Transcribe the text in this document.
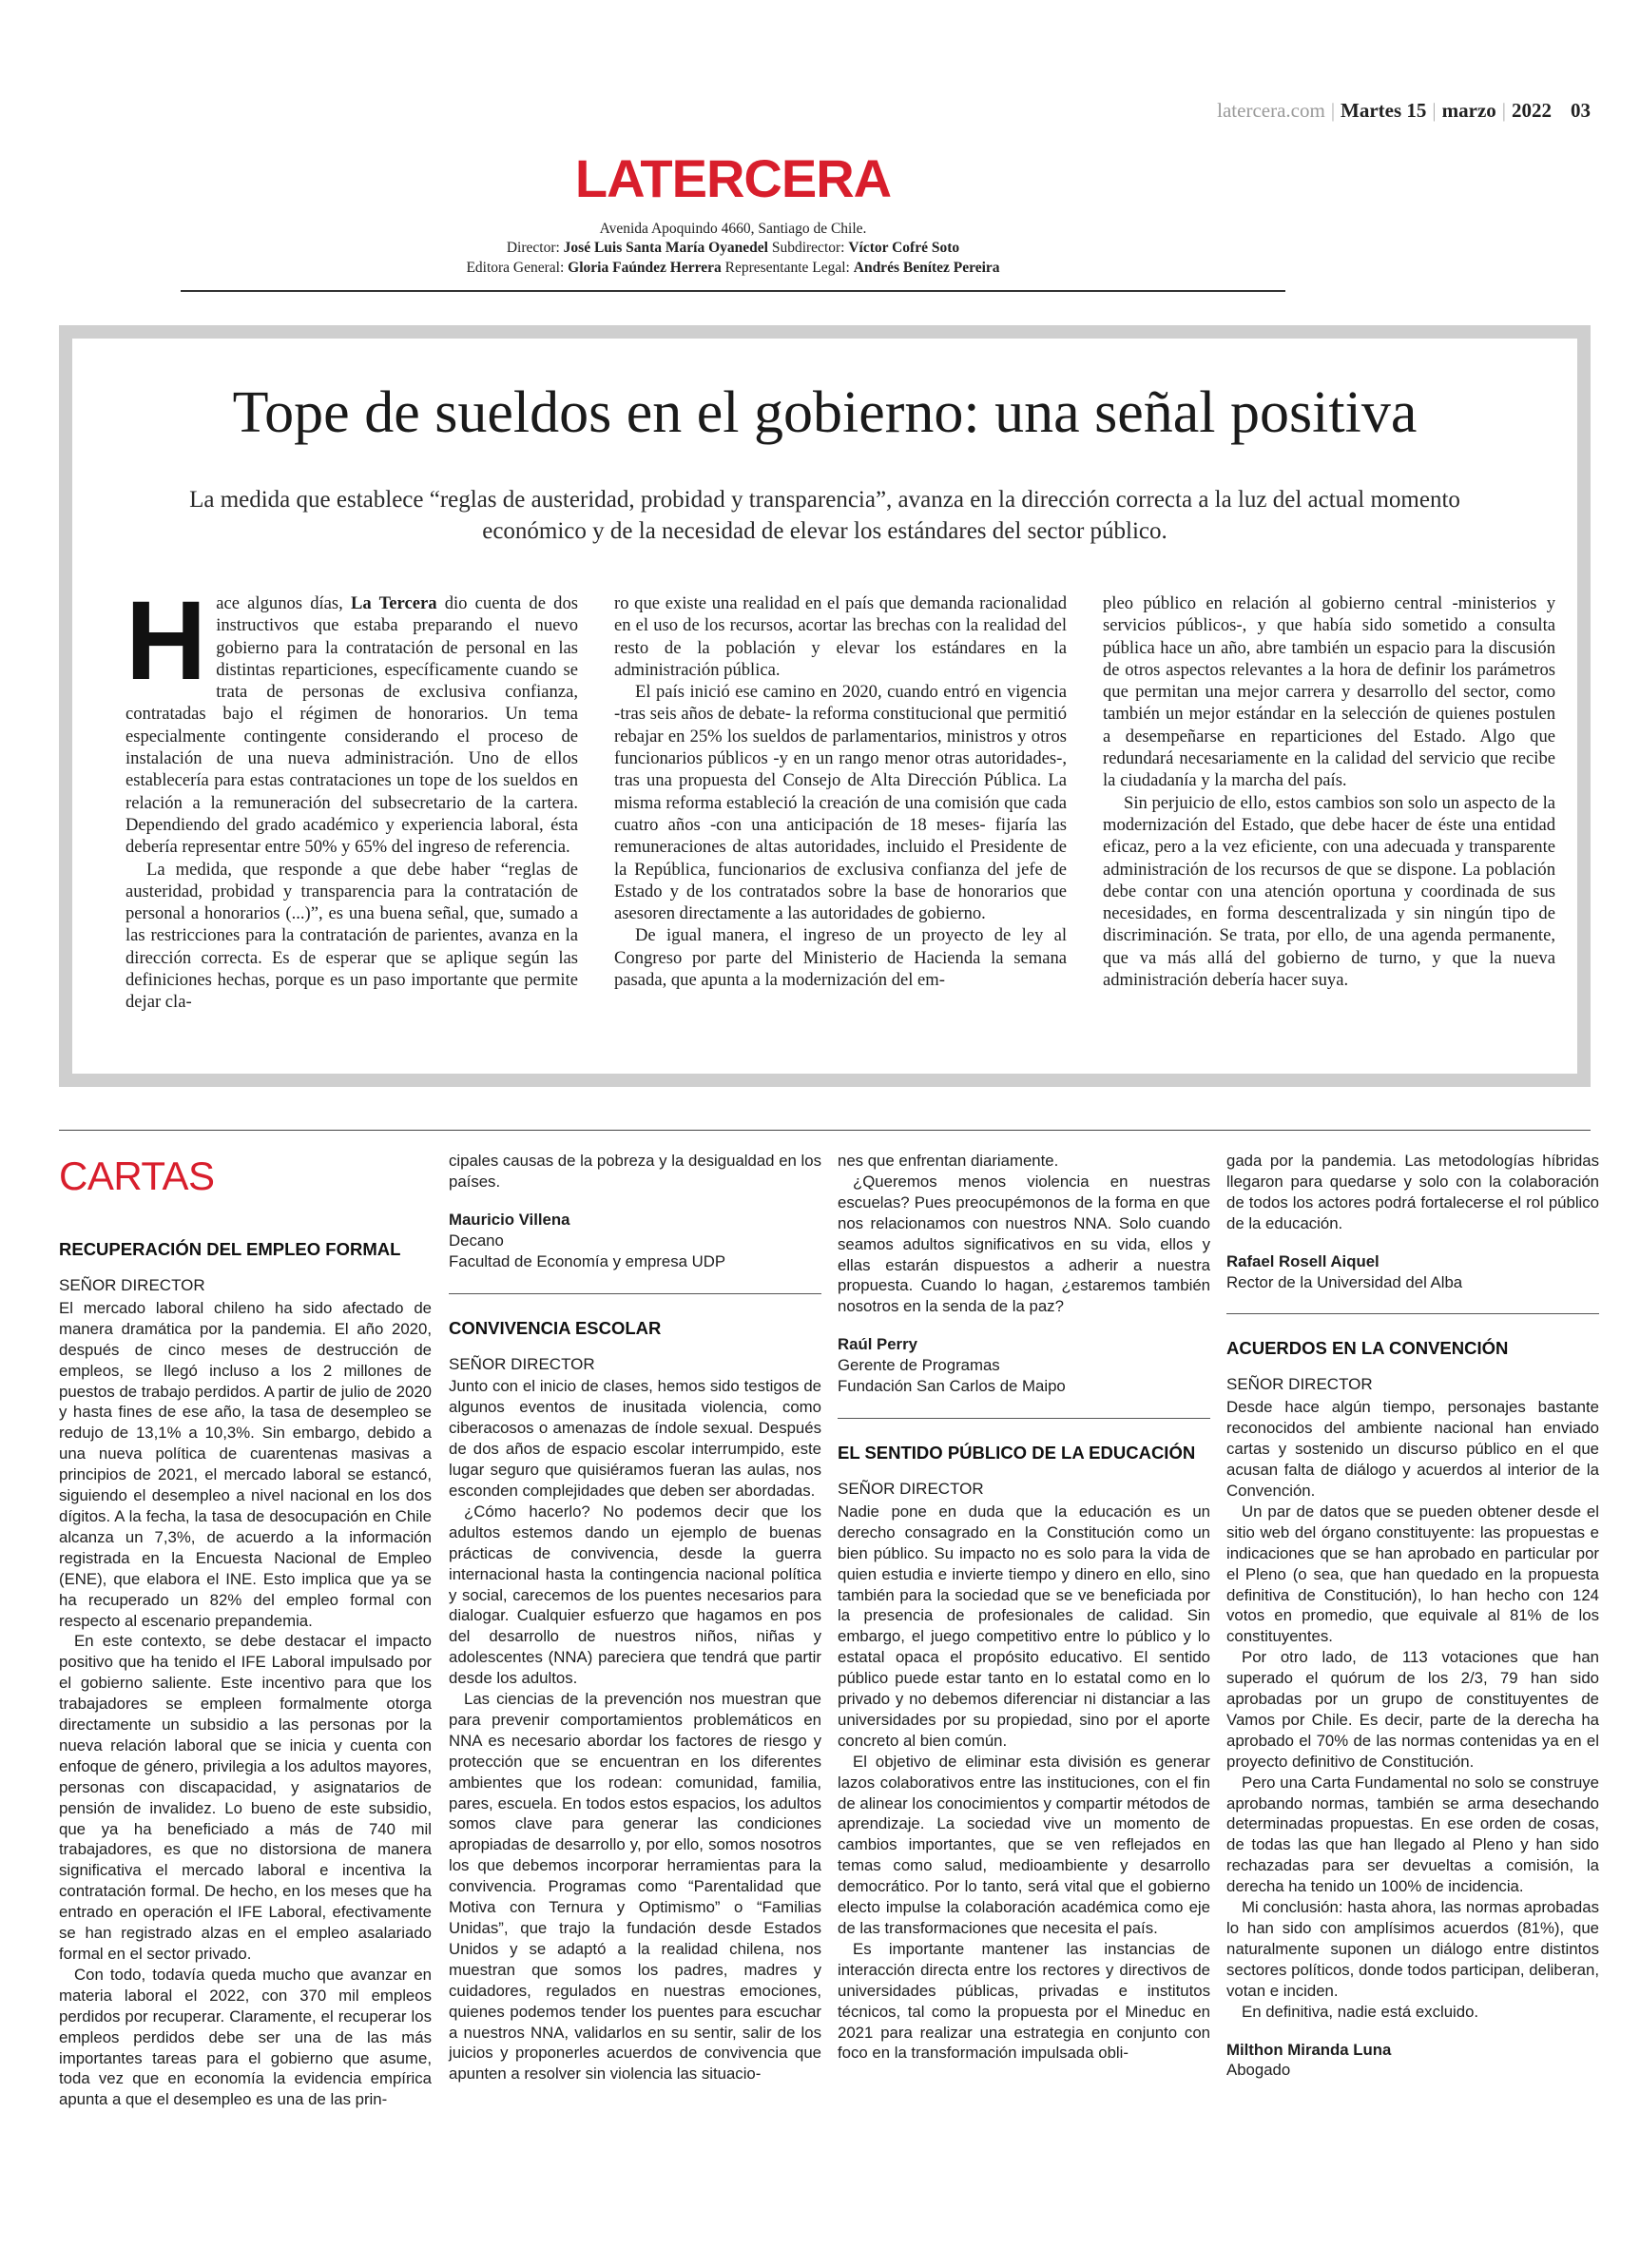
latercera.com | Martes 15 | marzo | 2022 03
LATERCERA
Avenida Apoquindo 4660, Santiago de Chile.
Director: José Luis Santa María Oyanedel Subdirector: Víctor Cofré Soto
Editora General: Gloria Faúndez Herrera Representante Legal: Andrés Benítez Pereira
Tope de sueldos en el gobierno: una señal positiva
La medida que establece “reglas de austeridad, probidad y transparencia”, avanza en la dirección correcta a la luz del actual momento económico y de la necesidad de elevar los estándares del sector público.

Hace algunos días, La Tercera dio cuenta de dos instructivos que estaba preparando el nuevo gobierno para la contratación de personal en las distintas reparticiones, específicamente cuando se trata de personas de exclusiva confianza, contratadas bajo el régimen de honorarios. Un tema especialmente contingente considerando el proceso de instalación de una nueva administración. Uno de ellos establecería para estas contrataciones un tope de los sueldos en relación a la remuneración del subsecretario de la cartera. Dependiendo del grado académico y experiencia laboral, ésta debería representar entre 50% y 65% del ingreso de referencia.

La medida, que responde a que debe haber “reglas de austeridad, probidad y transparencia para la contratación de personal a honorarios (...)”, es una buena señal, que, sumado a las restricciones para la contratación de parientes, avanza en la dirección correcta. Es de esperar que se aplique según las definiciones hechas, porque es un paso importante que permite dejar cla-

ro que existe una realidad en el país que demanda racionalidad en el uso de los recursos, acortar las brechas con la realidad del resto de la población y elevar los estándares en la administración pública.

El país inició ese camino en 2020, cuando entró en vigencia -tras seis años de debate- la reforma constitucional que permitió rebajar en 25% los sueldos de parlamentarios, ministros y otros funcionarios públicos -y en un rango menor otras autoridades-, tras una propuesta del Consejo de Alta Dirección Pública. La misma reforma estableció la creación de una comisión que cada cuatro años -con una anticipación de 18 meses- fijaría las remuneraciones de altas autoridades, incluido el Presidente de la República, funcionarios de exclusiva confianza del jefe de Estado y de los contratados sobre la base de honorarios que asesoren directamente a las autoridades de gobierno.

De igual manera, el ingreso de un proyecto de ley al Congreso por parte del Ministerio de Hacienda la semana pasada, que apunta a la modernización del em-

pleo público en relación al gobierno central -ministerios y servicios públicos-, y que había sido sometido a consulta pública hace un año, abre también un espacio para la discusión de otros aspectos relevantes a la hora de definir los parámetros que permitan una mejor carrera y desarrollo del sector, como también un mejor estándar en la selección de quienes postulen a desempeñarse en reparticiones del Estado. Algo que redundará necesariamente en la calidad del servicio que recibe la ciudadanía y la marcha del país.

Sin perjuicio de ello, estos cambios son solo un aspecto de la modernización del Estado, que debe hacer de éste una entidad eficaz, pero a la vez eficiente, con una adecuada y transparente administración de los recursos de que se dispone. La población debe contar con una atención oportuna y coordinada de sus necesidades, en forma descentralizada y sin ningún tipo de discriminación. Se trata, por ello, de una agenda permanente, que va más allá del gobierno de turno, y que la nueva administración debería hacer suya.

CARTAS
RECUPERACIÓN DEL EMPLEO FORMAL
SEÑOR DIRECTOR

El mercado laboral chileno ha sido afectado de manera dramática por la pandemia. El año 2020, después de cinco meses de destrucción de empleos, se llegó incluso a los 2 millones de puestos de trabajo perdidos. A partir de julio de 2020 y hasta fines de ese año, la tasa de desempleo se redujo de 13,1% a 10,3%. Sin embargo, debido a una nueva política de cuarentenas masivas a principios de 2021, el mercado laboral se estancó, siguiendo el desempleo a nivel nacional en los dos dígitos. A la fecha, la tasa de desocupación en Chile alcanza un 7,3%, de acuerdo a la información registrada en la Encuesta Nacional de Empleo (ENE), que elabora el INE. Esto implica que ya se ha recuperado un 82% del empleo formal con respecto al escenario prepandemia.

En este contexto, se debe destacar el impacto positivo que ha tenido el IFE Laboral impulsado por el gobierno saliente. Este incentivo para que los trabajadores se empleen formalmente otorga directamente un subsidio a las personas por la nueva relación laboral que se inicia y cuenta con enfoque de género, privilegia a los adultos mayores, personas con discapacidad, y asignatarios de pensión de invalidez. Lo bueno de este subsidio, que ya ha beneficiado a más de 740 mil trabajadores, es que no distorsiona de manera significativa el mercado laboral e incentiva la contratación formal. De hecho, en los meses que ha entrado en operación el IFE Laboral, efectivamente se han registrado alzas en el empleo asalariado formal en el sector privado.

Con todo, todavía queda mucho que avanzar en materia laboral el 2022, con 370 mil empleos perdidos por recuperar. Claramente, el recuperar los empleos perdidos debe ser una de las más importantes tareas para el gobierno que asume, toda vez que en economía la evidencia empírica apunta a que el desempleo es una de las prin-

cipales causas de la pobreza y la desigualdad en los países.

Mauricio Villena
Decano
Facultad de Economía y empresa UDP
CONVIVENCIA ESCOLAR
SEÑOR DIRECTOR

Junto con el inicio de clases, hemos sido testigos de algunos eventos de inusitada violencia, como ciberacosos o amenazas de índole sexual. Después de dos años de espacio escolar interrumpido, este lugar seguro que quisiéramos fueran las aulas, nos esconden complejidades que deben ser abordadas.

¿Cómo hacerlo? No podemos decir que los adultos estemos dando un ejemplo de buenas prácticas de convivencia, desde la guerra internacional hasta la contingencia nacional política y social, carecemos de los puentes necesarios para dialogar. Cualquier esfuerzo que hagamos en pos del desarrollo de nuestros niños, niñas y adolescentes (NNA) pareciera que tendrá que partir desde los adultos.

Las ciencias de la prevención nos muestran que para prevenir comportamientos problemáticos en NNA es necesario abordar los factores de riesgo y protección que se encuentran en los diferentes ambientes que los rodean: comunidad, familia, pares, escuela. En todos estos espacios, los adultos somos clave para generar las condiciones apropiadas de desarrollo y, por ello, somos nosotros los que debemos incorporar herramientas para la convivencia. Programas como “Parentalidad que Motiva con Ternura y Optimismo” o “Familias Unidas”, que trajo la fundación desde Estados Unidos y se adaptó a la realidad chilena, nos muestran que somos los padres, madres y cuidadores, regulados en nuestras emociones, quienes podemos tender los puentes para escuchar a nuestros NNA, validarlos en su sentir, salir de los juicios y proponerles acuerdos de convivencia que apunten a resolver sin violencia las situacio-

nes que enfrentan diariamente.

¿Queremos menos violencia en nuestras escuelas? Pues preocupémonos de la forma en que nos relacionamos con nuestros NNA. Solo cuando seamos adultos significativos en su vida, ellos y ellas estarán dispuestos a adherir a nuestra propuesta. Cuando lo hagan, ¿estaremos también nosotros en la senda de la paz?

Raúl Perry
Gerente de Programas
Fundación San Carlos de Maipo
EL SENTIDO PÚBLICO DE LA EDUCACIÓN
SEÑOR DIRECTOR

Nadie pone en duda que la educación es un derecho consagrado en la Constitución como un bien público. Su impacto no es solo para la vida de quien estudia e invierte tiempo y dinero en ello, sino también para la sociedad que se ve beneficiada por la presencia de profesionales de calidad. Sin embargo, el juego competitivo entre lo público y lo estatal opaca el propósito educativo. El sentido público puede estar tanto en lo estatal como en lo privado y no debemos diferenciar ni distanciar a las universidades por su propiedad, sino por el aporte concreto al bien común.

El objetivo de eliminar esta división es generar lazos colaborativos entre las instituciones, con el fin de alinear los conocimientos y compartir métodos de aprendizaje. La sociedad vive un momento de cambios importantes, que se ven reflejados en temas como salud, medioambiente y desarrollo democrático. Por lo tanto, será vital que el gobierno electo impulse la colaboración académica como eje de las transformaciones que necesita el país.

Es importante mantener las instancias de interacción directa entre los rectores y directivos de universidades públicas, privadas e institutos técnicos, tal como la propuesta por el Mineduc en 2021 para realizar una estrategia en conjunto con foco en la transformación impulsada obli-

gada por la pandemia. Las metodologías híbridas llegaron para quedarse y solo con la colaboración de todos los actores podrá fortalecerse el rol público de la educación.

Rafael Rosell Aiquel
Rector de la Universidad del Alba
ACUERDOS EN LA CONVENCIÓN
SEÑOR DIRECTOR

Desde hace algún tiempo, personajes bastante reconocidos del ambiente nacional han enviado cartas y sostenido un discurso público en el que acusan falta de diálogo y acuerdos al interior de la Convención.

Un par de datos que se pueden obtener desde el sitio web del órgano constituyente: las propuestas e indicaciones que se han aprobado en particular por el Pleno (o sea, que han quedado en la propuesta definitiva de Constitución), lo han hecho con 124 votos en promedio, que equivale al 81% de los constituyentes.

Por otro lado, de 113 votaciones que han superado el quórum de los 2/3, 79 han sido aprobadas por un grupo de constituyentes de Vamos por Chile. Es decir, parte de la derecha ha aprobado el 70% de las normas contenidas ya en el proyecto definitivo de Constitución.

Pero una Carta Fundamental no solo se construye aprobando normas, también se arma desechando determinadas propuestas. En ese orden de cosas, de todas las que han llegado al Pleno y han sido rechazadas para ser devueltas a comisión, la derecha ha tenido un 100% de incidencia.

Mi conclusión: hasta ahora, las normas aprobadas lo han sido con amplísimos acuerdos (81%), que naturalmente suponen un diálogo entre distintos sectores políticos, donde todos participan, deliberan, votan e inciden.

En definitiva, nadie está excluido.

Milthon Miranda Luna
Abogado
